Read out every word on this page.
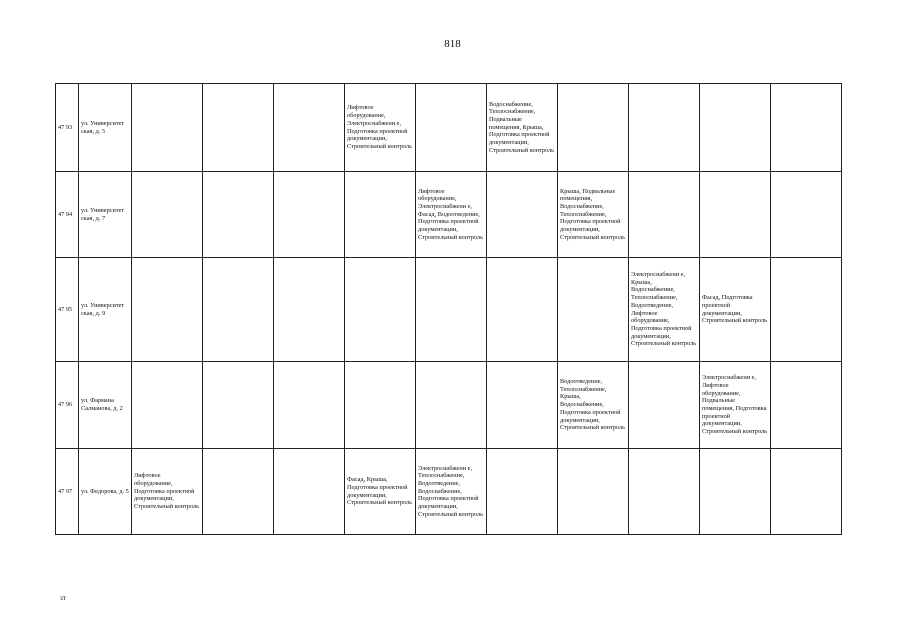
818
47 93	ул. Университет ская, д. 5				Лифтовое оборудование, Электроснабжени е, Подготовка проектной документации, Строительный контроль		Водоснабжение, Теплоснабжение, Подвальные помещения, Крыша, Подготовка проектной документации, Строительный контроль				
47 94	ул. Университет ская, д. 7					Лифтовое оборудование, Электроснабжени е, Фасад, Водоотведение, Подготовка проектной документации, Строительный контроль		Крыша, Подвальные помещения, Водоснабжение, Теплоснабжение, Подготовка проектной документации, Строительный контроль			
47 95	ул. Университет ская, д. 9								Электроснабжени е, Крыша, Водоснабжение, Теплоснабжение, Водоотведение, Лифтовое оборудование, Подготовка проектной документации, Строительный контроль	Фасад, Подготовка проектной документации, Строительный контроль	
47 96	ул. Фармана Салманова, д. 2							Водоотведение, Теплоснабжение, Крыша, Водоснабжение, Подготовка проектной документации, Строительный контроль		Электроснабжени е, Лифтовое оборудование, Подвальные помещения, Подготовка проектной документации, Строительный контроль	
47 97	ул. Федорова, д. 5	Лифтовое оборудование, Подготовка проектной документации, Строительный контроль			Фасад, Крыша, Подготовка проектной документации, Строительный контроль	Электроснабжени е, Теплоснабжение, Водоотведение, Водоснабжение, Подготовка проектной документации, Строительный контроль					
зт
